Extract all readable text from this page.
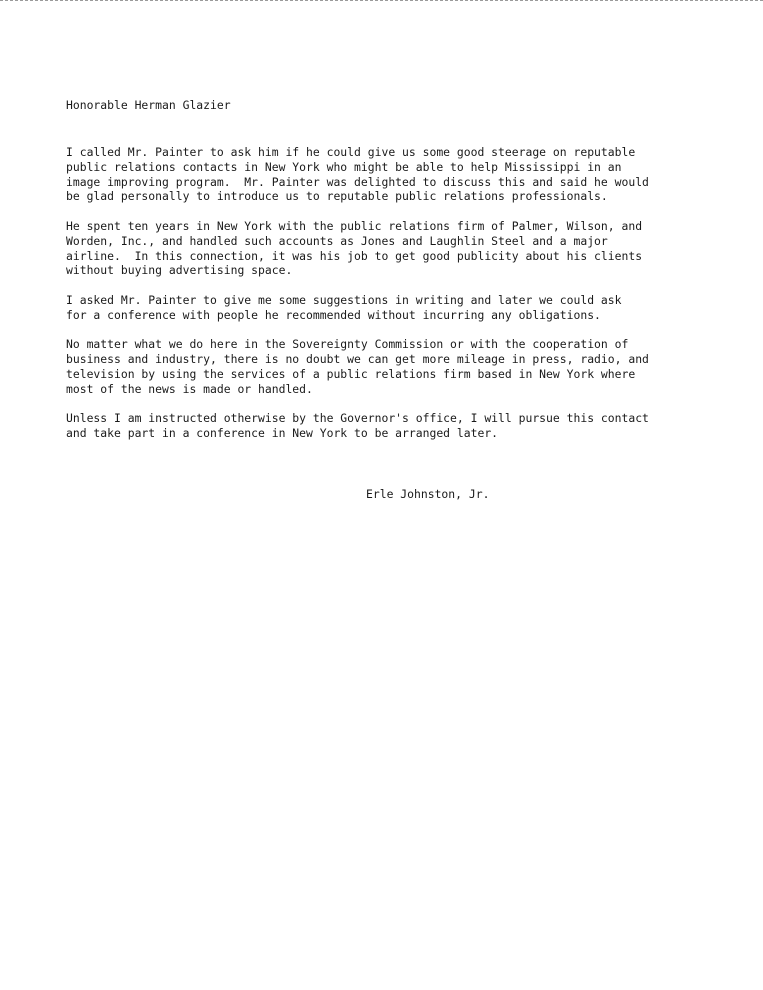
Honorable Herman Glazier

I called Mr. Painter to ask him if he could give us some good steerage on reputable
public relations contacts in New York who might be able to help Mississippi in an
image improving program.  Mr. Painter was delighted to discuss this and said he would
be glad personally to introduce us to reputable public relations professionals.

He spent ten years in New York with the public relations firm of Palmer, Wilson, and
Worden, Inc., and handled such accounts as Jones and Laughlin Steel and a major
airline.  In this connection, it was his job to get good publicity about his clients
without buying advertising space.

I asked Mr. Painter to give me some suggestions in writing and later we could ask
for a conference with people he recommended without incurring any obligations.

No matter what we do here in the Sovereignty Commission or with the cooperation of
business and industry, there is no doubt we can get more mileage in press, radio, and
television by using the services of a public relations firm based in New York where
most of the news is made or handled.

Unless I am instructed otherwise by the Governor's office, I will pursue this contact
and take part in a conference in New York to be arranged later.

Erle Johnston, Jr.
